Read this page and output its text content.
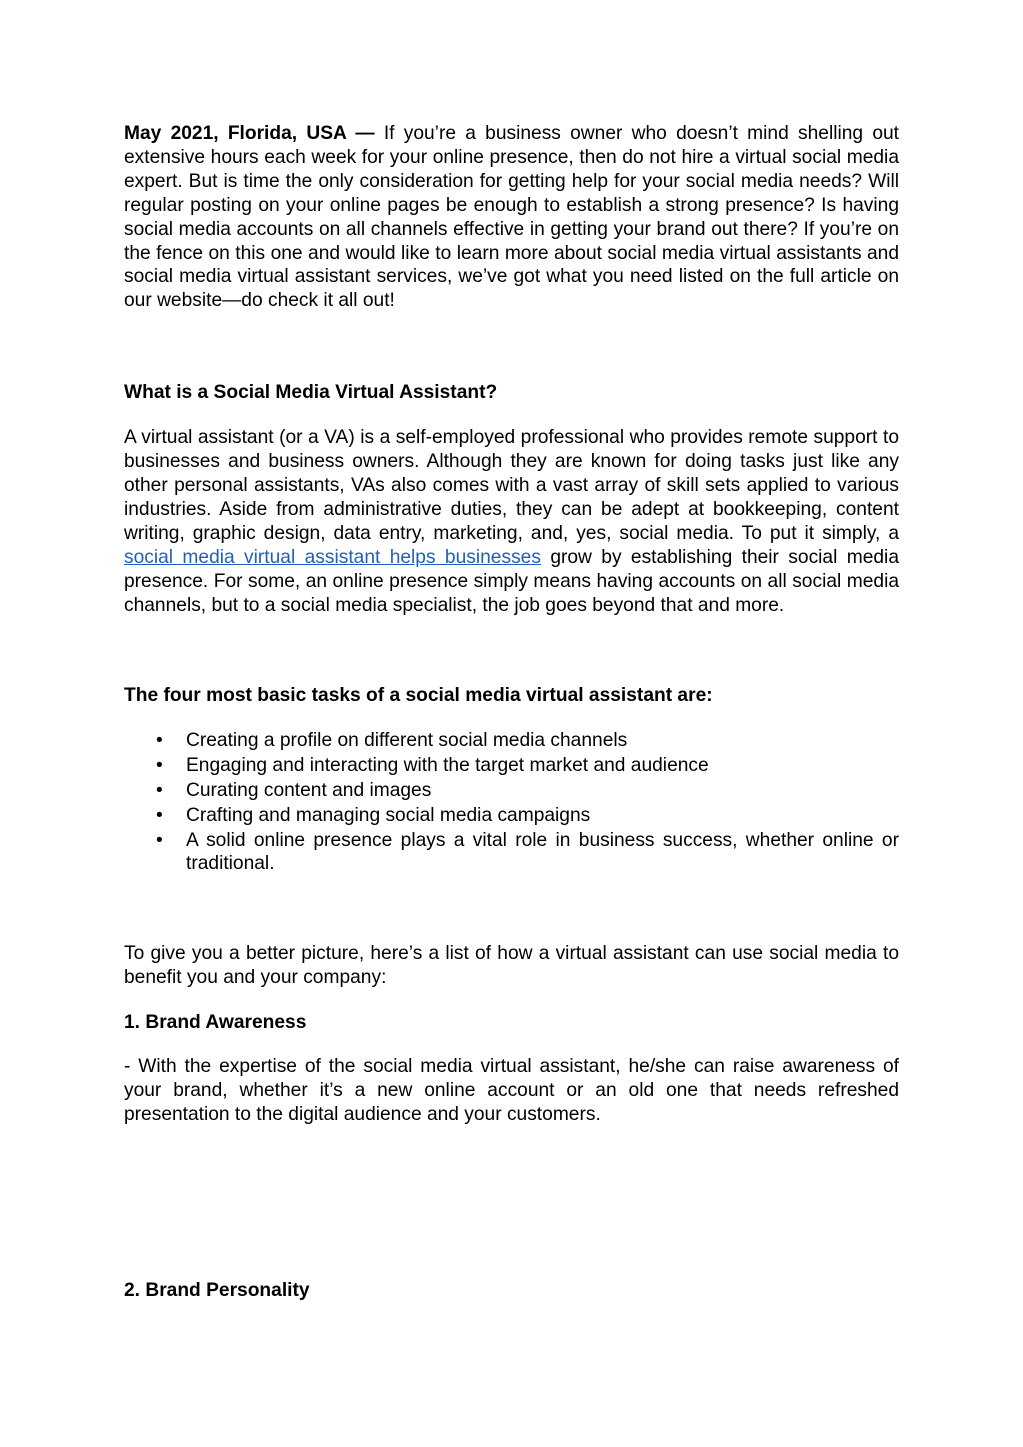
May 2021, Florida, USA — If you’re a business owner who doesn’t mind shelling out extensive hours each week for your online presence, then do not hire a virtual social media expert. But is time the only consideration for getting help for your social media needs? Will regular posting on your online pages be enough to establish a strong presence? Is having social media accounts on all channels effective in getting your brand out there? If you’re on the fence on this one and would like to learn more about social media virtual assistants and social media virtual assistant services, we’ve got what you need listed on the full article on our website—do check it all out!

What is a Social Media Virtual Assistant?

A virtual assistant (or a VA) is a self-employed professional who provides remote support to businesses and business owners. Although they are known for doing tasks just like any other personal assistants, VAs also comes with a vast array of skill sets applied to various industries. Aside from administrative duties, they can be adept at bookkeeping, content writing, graphic design, data entry, marketing, and, yes, social media. To put it simply, a social media virtual assistant helps businesses grow by establishing their social media presence. For some, an online presence simply means having accounts on all social media channels, but to a social media specialist, the job goes beyond that and more.

The four most basic tasks of a social media virtual assistant are:

• Creating a profile on different social media channels
• Engaging and interacting with the target market and audience
• Curating content and images
• Crafting and managing social media campaigns
• A solid online presence plays a vital role in business success, whether online or traditional.

To give you a better picture, here’s a list of how a virtual assistant can use social media to benefit you and your company:

1. Brand Awareness

- With the expertise of the social media virtual assistant, he/she can raise awareness of your brand, whether it’s a new online account or an old one that needs refreshed presentation to the digital audience and your customers.

2. Brand Personality
